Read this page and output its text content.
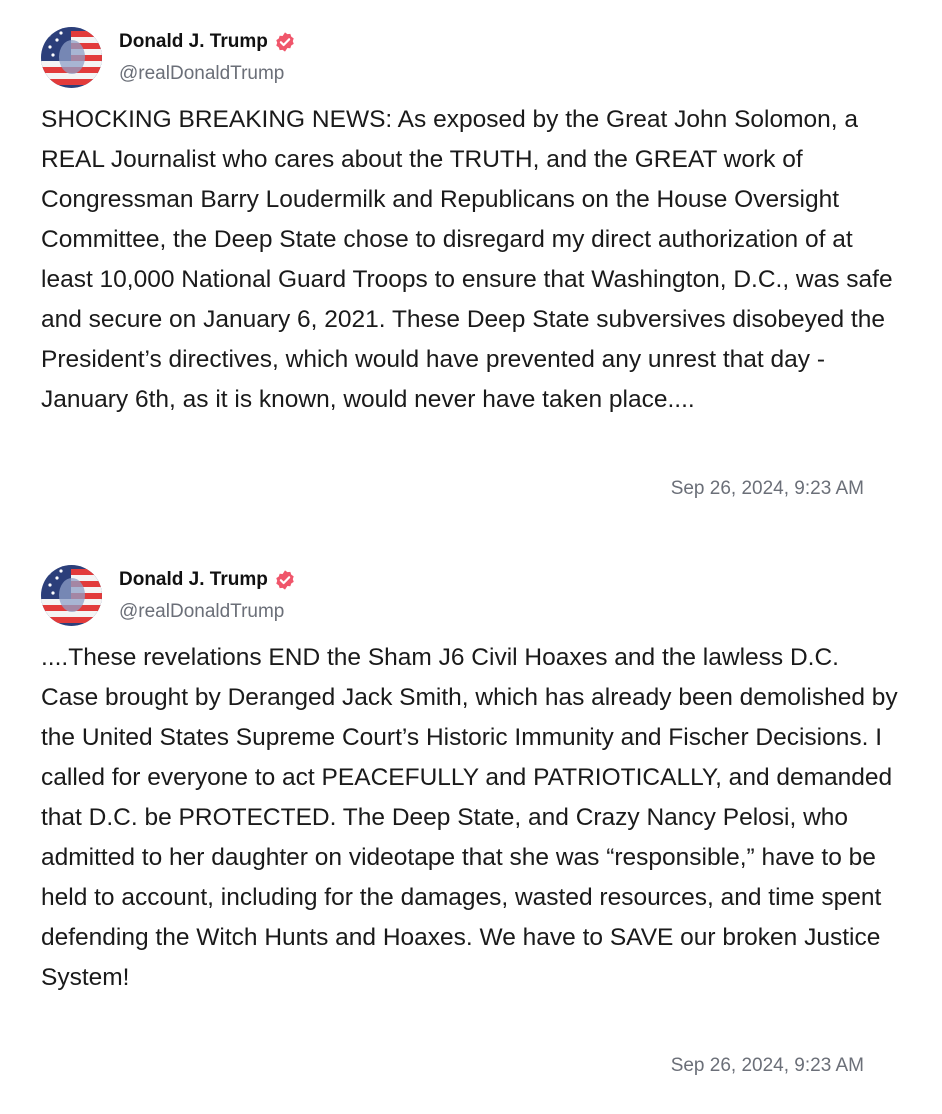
Donald J. Trump
@realDonaldTrump

SHOCKING BREAKING NEWS: As exposed by the Great John Solomon, a REAL Journalist who cares about the TRUTH, and the GREAT work of Congressman Barry Loudermilk and Republicans on the House Oversight Committee, the Deep State chose to disregard my direct authorization of at least 10,000 National Guard Troops to ensure that Washington, D.C., was safe and secure on January 6, 2021. These Deep State subversives disobeyed the President’s directives, which would have prevented any unrest that day - January 6th, as it is known, would never have taken place....

Sep 26, 2024, 9:23 AM
Donald J. Trump
@realDonaldTrump

....These revelations END the Sham J6 Civil Hoaxes and the lawless D.C. Case brought by Deranged Jack Smith, which has already been demolished by the United States Supreme Court’s Historic Immunity and Fischer Decisions. I called for everyone to act PEACEFULLY and PATRIOTICALLY, and demanded that D.C. be PROTECTED. The Deep State, and Crazy Nancy Pelosi, who admitted to her daughter on videotape that she was “responsible,” have to be held to account, including for the damages, wasted resources, and time spent defending the Witch Hunts and Hoaxes. We have to SAVE our broken Justice System!

Sep 26, 2024, 9:23 AM
